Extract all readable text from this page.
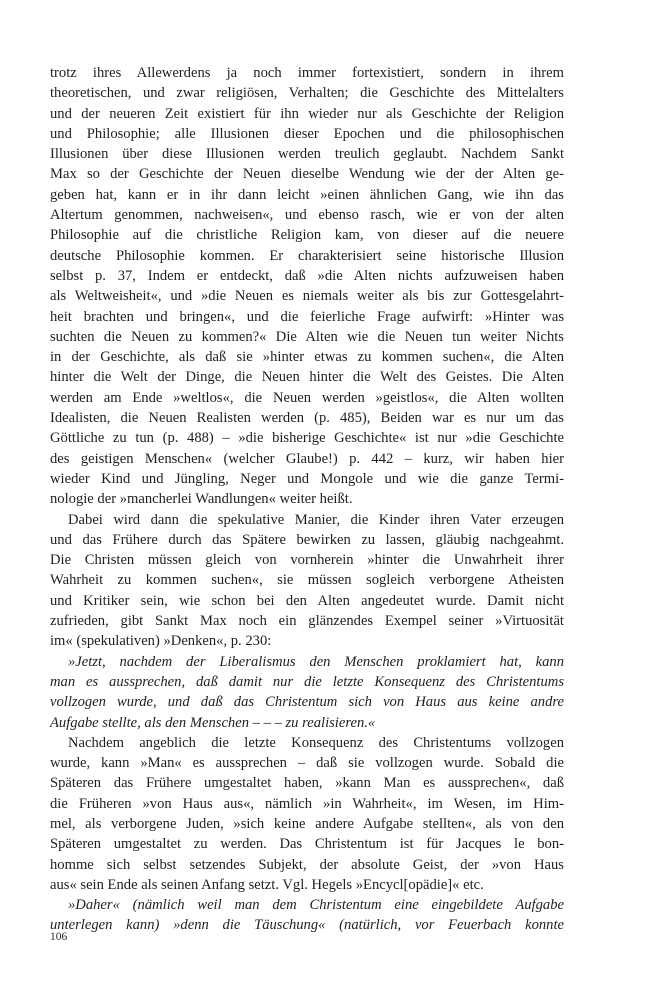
trotz ihres Allewerdens ja noch immer fortexistiert, sondern in ihrem
theoretischen, und zwar religiösen, Verhalten; die Geschichte des Mittelalters
und der neueren Zeit existiert für ihn wieder nur als Geschichte der Religion
und Philosophie; alle Illusionen dieser Epochen und die philosophischen
Illusionen über diese Illusionen werden treulich geglaubt. Nachdem Sankt
Max so der Geschichte der Neuen dieselbe Wendung wie der der Alten ge-
geben hat, kann er in ihr dann leicht »einen ähnlichen Gang, wie ihn das
Altertum genommen, nachweisen«, und ebenso rasch, wie er von der alten
Philosophie auf die christliche Religion kam, von dieser auf die neuere
deutsche Philosophie kommen. Er charakterisiert seine historische Illusion
selbst p. 37, Indem er entdeckt, daß »die Alten nichts aufzuweisen haben
als Weltweisheit«, und »die Neuen es niemals weiter als bis zur Gottesgelahrt-
heit brachten und bringen«, und die feierliche Frage aufwirft: »Hinter was
suchten die Neuen zu kommen?« Die Alten wie die Neuen tun weiter Nichts
in der Geschichte, als daß sie »hinter etwas zu kommen suchen«, die Alten
hinter die Welt der Dinge, die Neuen hinter die Welt des Geistes. Die Alten
werden am Ende »weltlos«, die Neuen werden »geistlos«, die Alten wollten
Idealisten, die Neuen Realisten werden (p. 485), Beiden war es nur um das
Göttliche zu tun (p. 488) – »die bisherige Geschichte« ist nur »die Geschichte
des geistigen Menschen« (welcher Glaube!) p. 442 – kurz, wir haben hier
wieder Kind und Jüngling, Neger und Mongole und wie die ganze Termi-
nologie der »mancherlei Wandlungen« weiter heißt.
Dabei wird dann die spekulative Manier, die Kinder ihren Vater erzeugen
und das Frühere durch das Spätere bewirken zu lassen, gläubig nachgeahmt.
Die Christen müssen gleich von vornherein »hinter die Unwahrheit ihrer
Wahrheit zu kommen suchen«, sie müssen sogleich verborgene Atheisten
und Kritiker sein, wie schon bei den Alten angedeutet wurde. Damit nicht
zufrieden, gibt Sankt Max noch ein glänzendes Exempel seiner »Virtuosität
im« (spekulativen) »Denken«, p. 230:
»Jetzt, nachdem der Liberalismus den Menschen proklamiert hat, kann
man es aussprechen, daß damit nur die letzte Konsequenz des Christentums
vollzogen wurde, und daß das Christentum sich von Haus aus keine andre
Aufgabe stellte, als den Menschen – – – zu realisieren.«
Nachdem angeblich die letzte Konsequenz des Christentums vollzogen
wurde, kann »Man« es aussprechen – daß sie vollzogen wurde. Sobald die
Späteren das Frühere umgestaltet haben, »kann Man es aussprechen«, daß
die Früheren »von Haus aus«, nämlich »in Wahrheit«, im Wesen, im Him-
mel, als verborgene Juden, »sich keine andere Aufgabe stellten«, als von den
Späteren umgestaltet zu werden. Das Christentum ist für Jacques le bon-
homme sich selbst setzendes Subjekt, der absolute Geist, der »von Haus
aus« sein Ende als seinen Anfang setzt. Vgl. Hegels »Encycl[opädie]« etc.
»Daher« (nämlich weil man dem Christentum eine eingebildete Aufgabe
unterlegen kann) »denn die Täuschung« (natürlich, vor Feuerbach konnte
106
